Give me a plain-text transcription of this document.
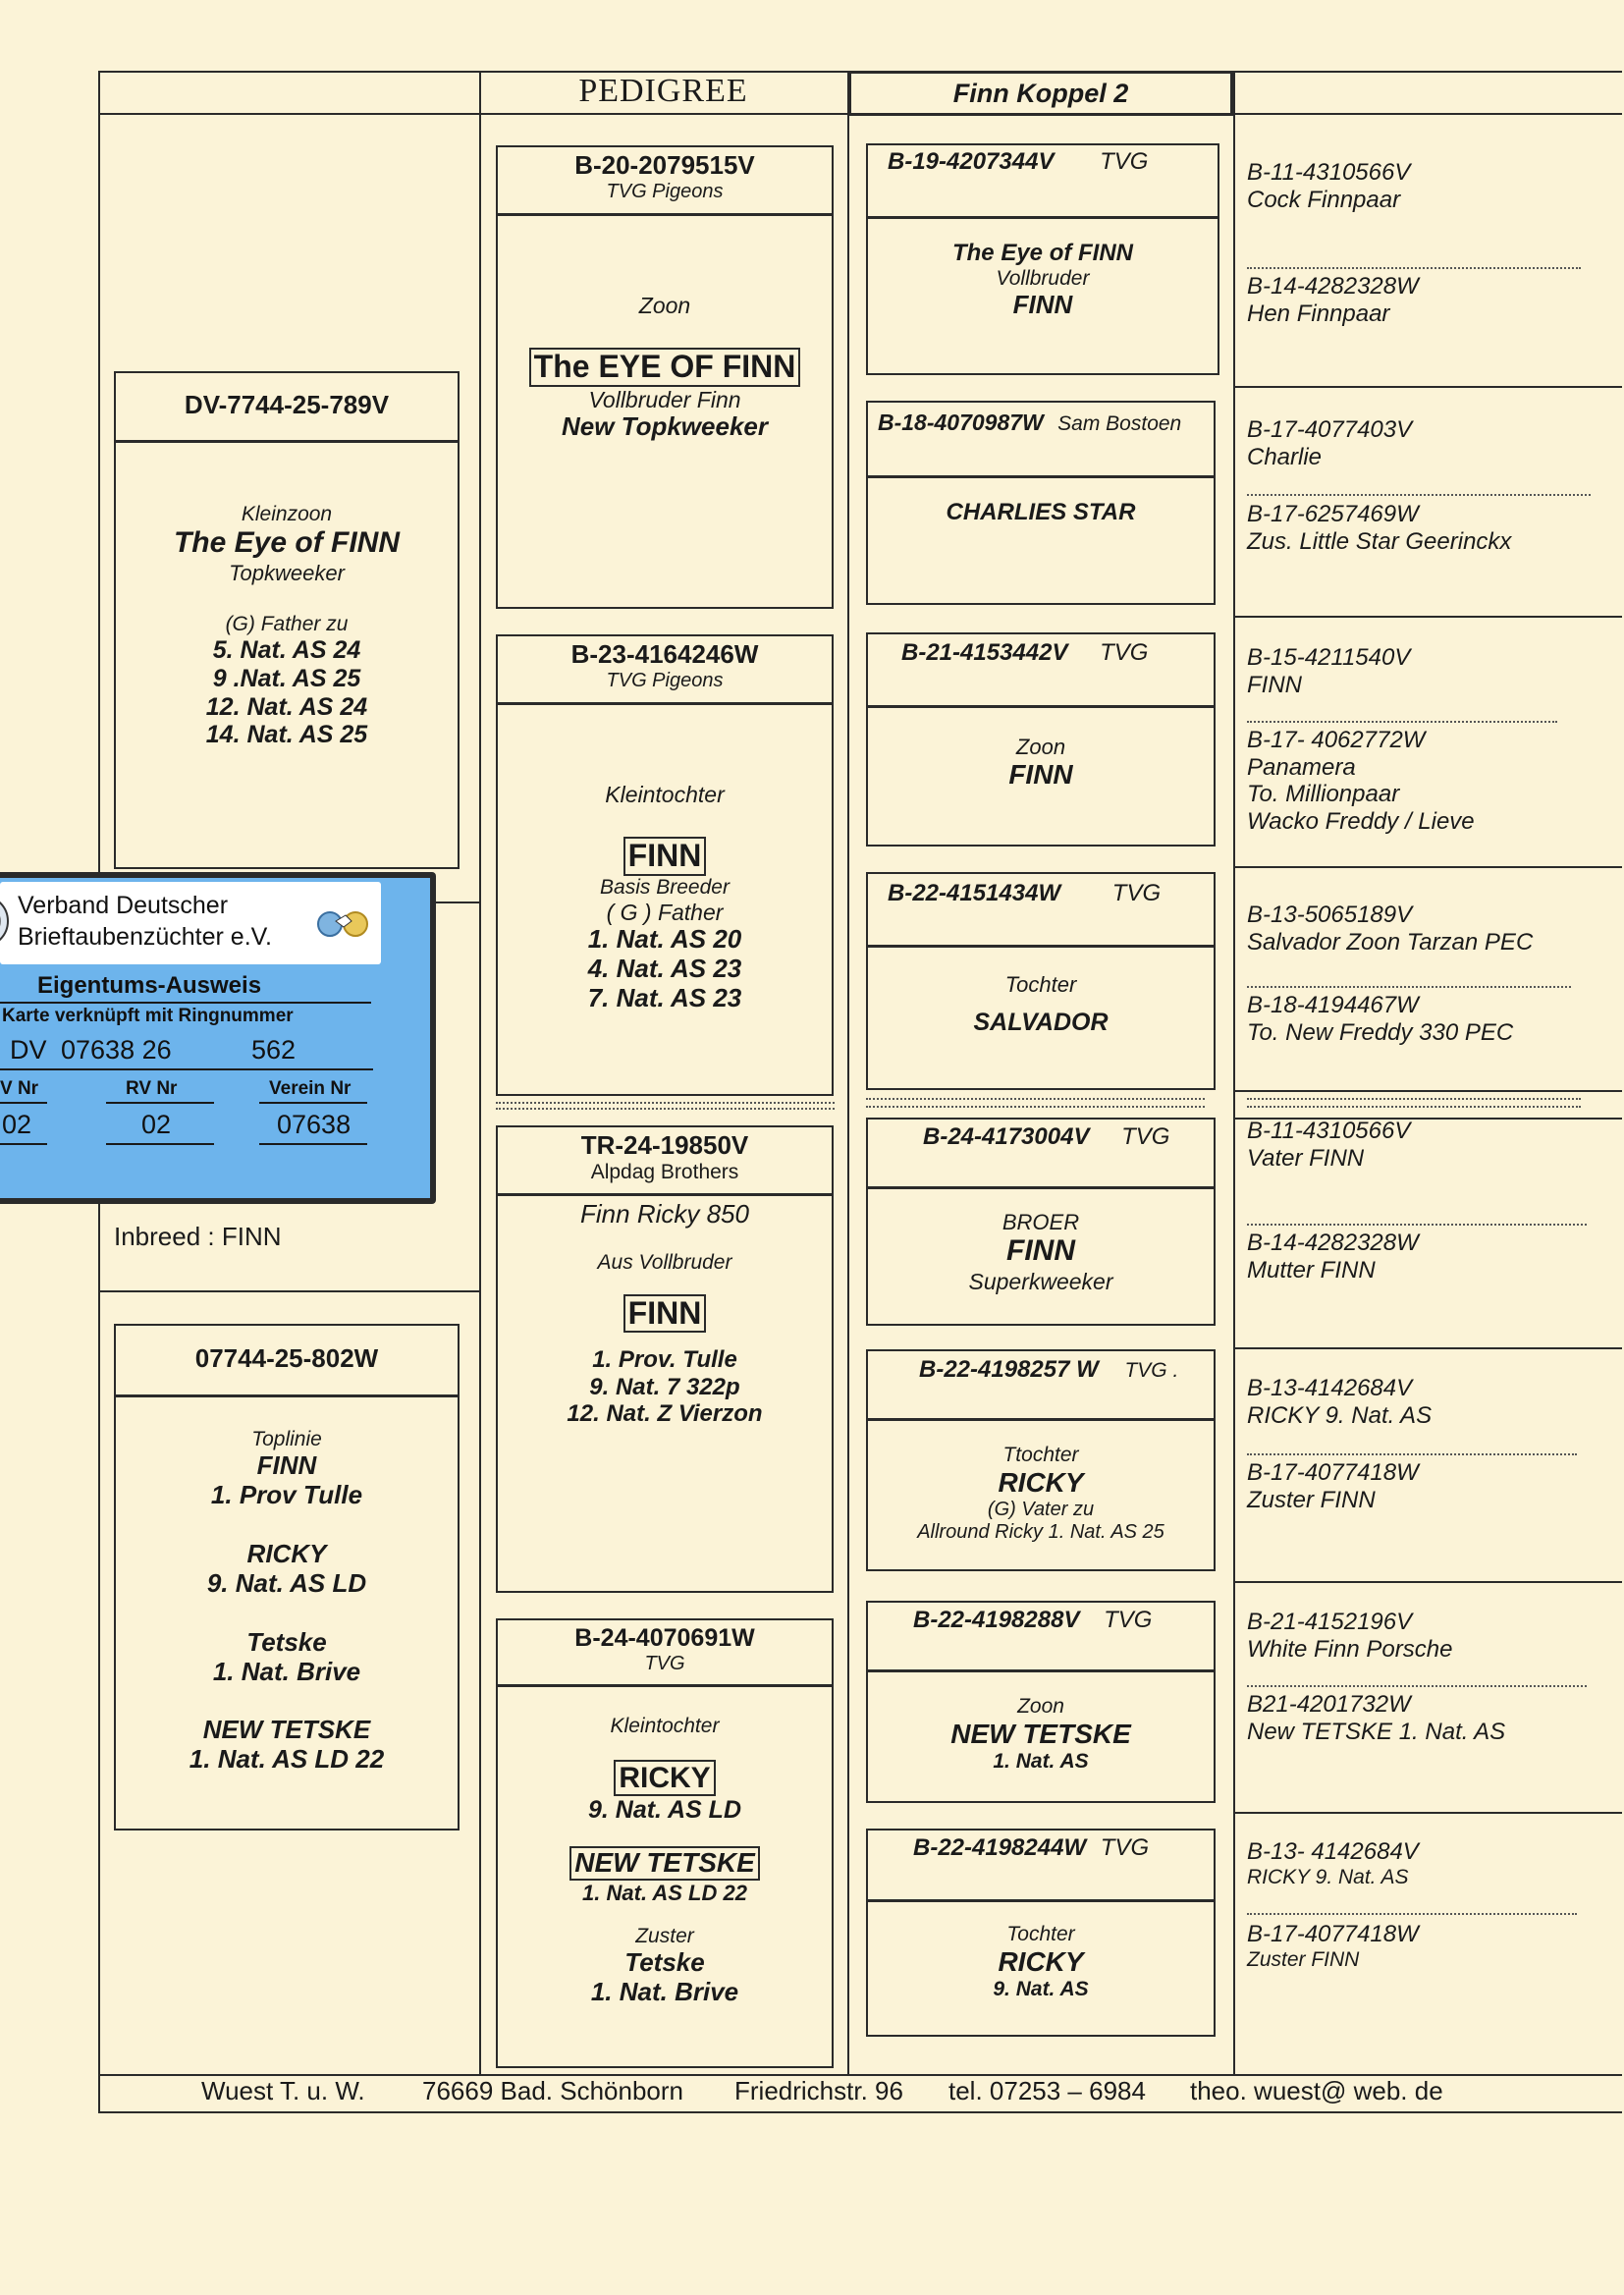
PEDIGREE	Finn Koppel 2
DV-7744-25-789V
Kleinzoon
The Eye of FINN
Topkweeker
(G) Father zu
5. Nat. AS 24
9 .Nat. AS 25
12. Nat. AS 24
14. Nat. AS 25
Inbreed : FINN
07744-25-802W
Toplinie
FINN
1. Prov Tulle
RICKY
9. Nat. AS LD
Tetske
1. Nat. Brive
NEW TETSKE
1. Nat. AS LD 22
B-20-2079515V
TVG Pigeons
Zoon
The EYE OF FINN
Vollbruder Finn
New Topkweeker
B-23-4164246W
TVG Pigeons
Kleintochter
FINN
Basis Breeder
( G ) Father
1. Nat. AS 20
4. Nat. AS 23
7. Nat. AS 23
TR-24-19850V
Alpdag Brothers
Finn Ricky 850
Aus Vollbruder
FINN
1. Prov. Tulle
9. Nat. 7 322p
12. Nat. Z Vierzon
B-24-4070691W
TVG
Kleintochter
RICKY
9. Nat. AS LD
NEW TETSKE
1. Nat. AS LD 22
Zuster
Tetske
1. Nat. Brive
B-19-4207344V TVG
The Eye of FINN
Vollbruder
FINN
B-18-4070987W Sam Bostoen
CHARLIES STAR
B-21-4153442V TVG
Zoon
FINN
B-22-4151434W TVG
Tochter
SALVADOR
B-24-4173004V TVG
BROER
FINN
Superkweeker
B-22-4198257 W TVG .
Ttochter
RICKY
(G) Vater zu
Allround Ricky 1. Nat. AS 25
B-22-4198288V TVG
Zoon
NEW TETSKE
1. Nat. AS
B-22-4198244W TVG
Tochter
RICKY
9. Nat. AS
B-11-4310566V
Cock Finnpaar
B-14-4282328W
Hen Finnpaar
B-17-4077403V
Charlie
B-17-6257469W
Zus. Little Star Geerinckx
B-15-4211540V
FINN
B-17- 4062772W
Panamera
To. Millionpaar
Wacko Freddy / Lieve
B-13-5065189V
Salvador Zoon Tarzan PEC
B-18-4194467W
To. New Freddy 330 PEC
B-11-4310566V
Vater FINN
B-14-4282328W
Mutter FINN
B-13-4142684V
RICKY 9. Nat. AS
B-17-4077418W
Zuster FINN
B-21-4152196V
White Finn Porsche
B21-4201732W
New TETSKE 1. Nat. AS
B-13- 4142684V
RICKY 9. Nat. AS
B-17-4077418W
Zuster FINN
Wuest T. u. W. 76669 Bad. Schönborn Friedrichstr. 96 tel. 07253 – 6984 theo. wuest@ web. de
Verband Deutscher
Brieftaubenzüchter e.V.
Eigentums-Ausweis
Karte verknüpft mit Ringnummer
DV 07638 26	562
V Nr	RV Nr	Verein Nr
02	02	07638
